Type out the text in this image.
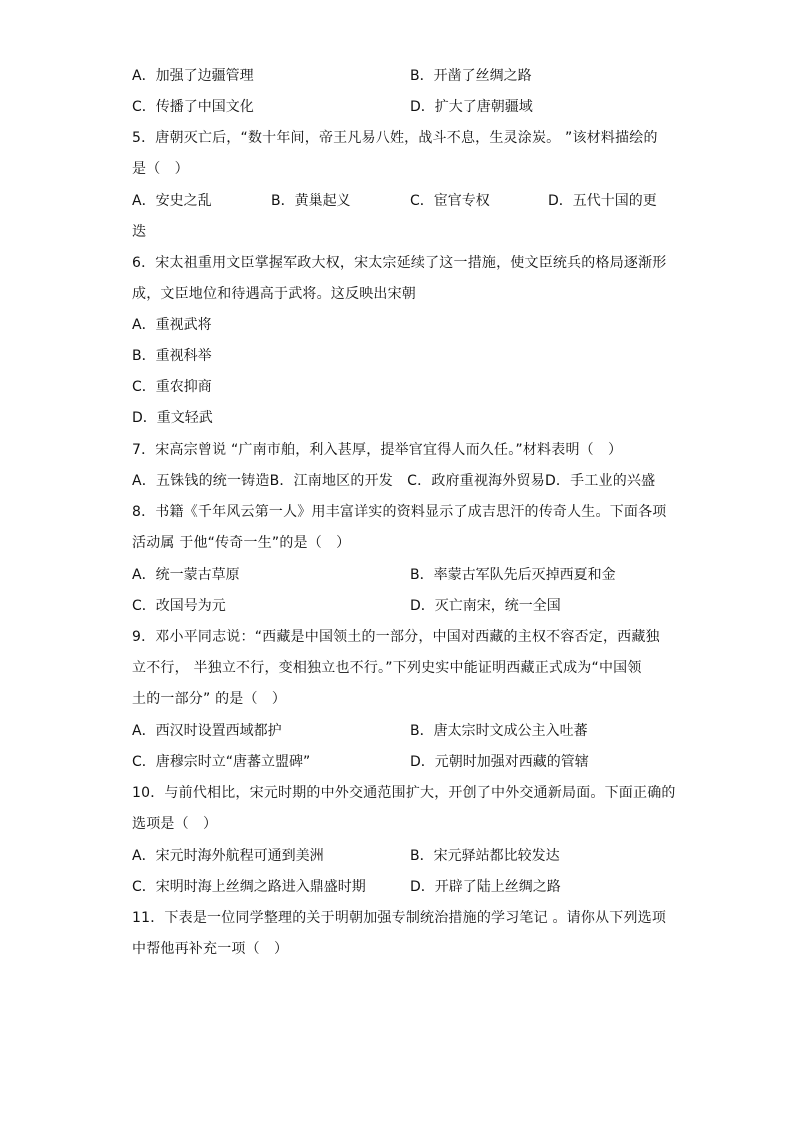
A．加强了边疆管理	B．开凿了丝绸之路
C．传播了中国文化	D．扩大了唐朝疆域
5．唐朝灭亡后，“数十年间，帝王凡易八姓，战斗不息，生灵涂炭。 ”该材料描绘的
是（　）
A．安史之乱	B．黄巢起义	C．宦官专权	D．五代十国的更
迭
6．宋太祖重用文臣掌握军政大权，宋太宗延续了这一措施，使文臣统兵的格局逐渐形
成，文臣地位和待遇高于武将。这反映出宋朝
A．重视武将
B．重视科举
C．重农抑商
D．重文轻武
7．宋高宗曾说 “广南市舶，利入甚厚，提举官宜得人而久任。”材料表明（　）
A．五铢钱的统一铸造B．江南地区的开发　C．政府重视海外贸易D．手工业的兴盛
8．书籍《千年风云第一人》用丰富详实的资料显示了成吉思汗的传奇人生。下面各项
活动属 于他“传奇一生”的是（　）
A．统一蒙古草原	B．率蒙古军队先后灭掉西夏和金
C．改国号为元	D．灭亡南宋，统一全国
9．邓小平同志说：“西藏是中国领土的一部分，中国对西藏的主权不容否定，西藏独
立不行， 半独立不行，变相独立也不行。”下列史实中能证明西藏正式成为“中国领
土的一部分” 的是（　）
A．西汉时设置西域都护	B．唐太宗时文成公主入吐蕃
C．唐穆宗时立“唐蕃立盟碑”	D．元朝时加强对西藏的管辖
10．与前代相比，宋元时期的中外交通范围扩大，开创了中外交通新局面。下面正确的
选项是（　）
A．宋元时海外航程可通到美洲	B．宋元驿站都比较发达
C．宋明时海上丝绸之路进入鼎盛时期	D．开辟了陆上丝绸之路
11．下表是一位同学整理的关于明朝加强专制统治措施的学习笔记 。请你从下列选项
中帮他再补充一项（　）
